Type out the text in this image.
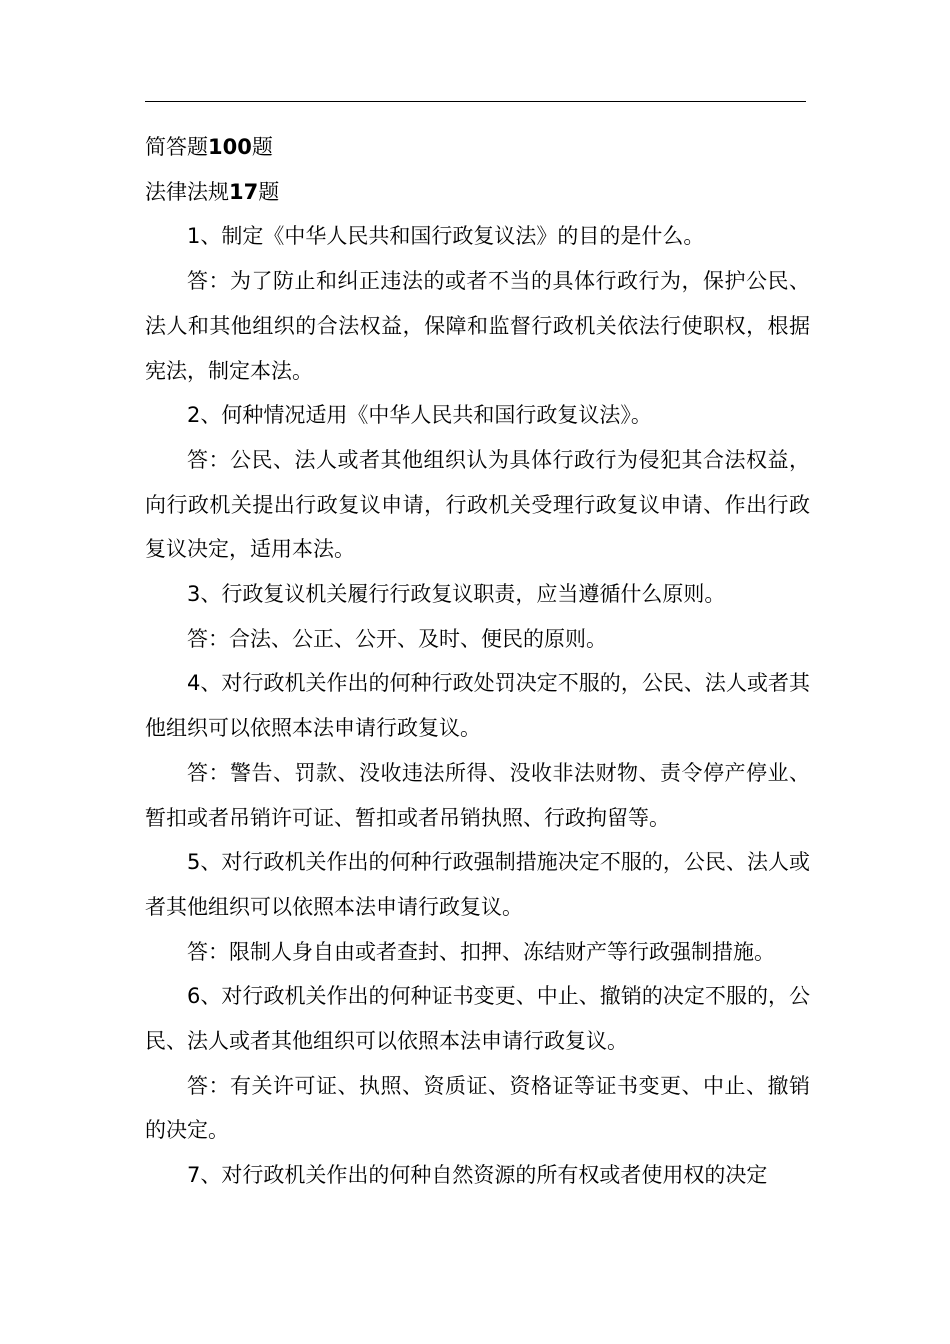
简答题100题
法律法规17题

1、制定《中华人民共和国行政复议法》的目的是什么。

答：为了防止和纠正违法的或者不当的具体行政行为，保护公民、法人和其他组织的合法权益，保障和监督行政机关依法行使职权，根据宪法，制定本法。

2、何种情况适用《中华人民共和国行政复议法》。

答：公民、法人或者其他组织认为具体行政行为侵犯其合法权益，向行政机关提出行政复议申请，行政机关受理行政复议申请、作出行政复议决定，适用本法。

3、行政复议机关履行行政复议职责，应当遵循什么原则。

答：合法、公正、公开、及时、便民的原则。

4、对行政机关作出的何种行政处罚决定不服的，公民、法人或者其他组织可以依照本法申请行政复议。

答：警告、罚款、没收违法所得、没收非法财物、责令停产停业、暂扣或者吊销许可证、暂扣或者吊销执照、行政拘留等。

5、对行政机关作出的何种行政强制措施决定不服的，公民、法人或者其他组织可以依照本法申请行政复议。

答：限制人身自由或者查封、扣押、冻结财产等行政强制措施。

6、对行政机关作出的何种证书变更、中止、撤销的决定不服的，公民、法人或者其他组织可以依照本法申请行政复议。

答：有关许可证、执照、资质证、资格证等证书变更、中止、撤销的决定。

7、对行政机关作出的何种自然资源的所有权或者使用权的决定
